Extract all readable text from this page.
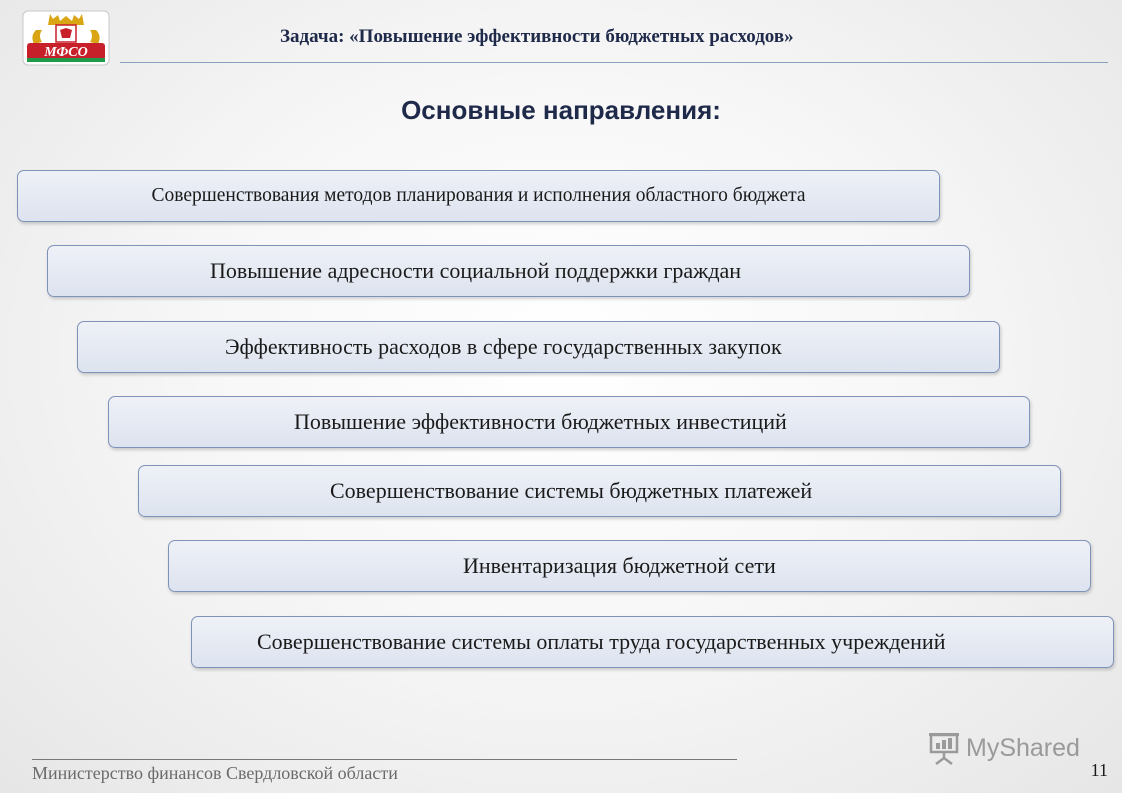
МФСО
Задача: «Повышение эффективности бюджетных расходов»
Основные направления:
Совершенствования методов планирования и исполнения областного бюджета
Повышение адресности социальной поддержки граждан
Эффективность расходов в сфере государственных закупок
Повышение эффективности бюджетных инвестиций
Совершенствование системы бюджетных платежей
Инвентаризация бюджетной сети
Совершенствование системы оплаты труда государственных учреждений
MyShared
Министерство финансов Свердловской области	11
